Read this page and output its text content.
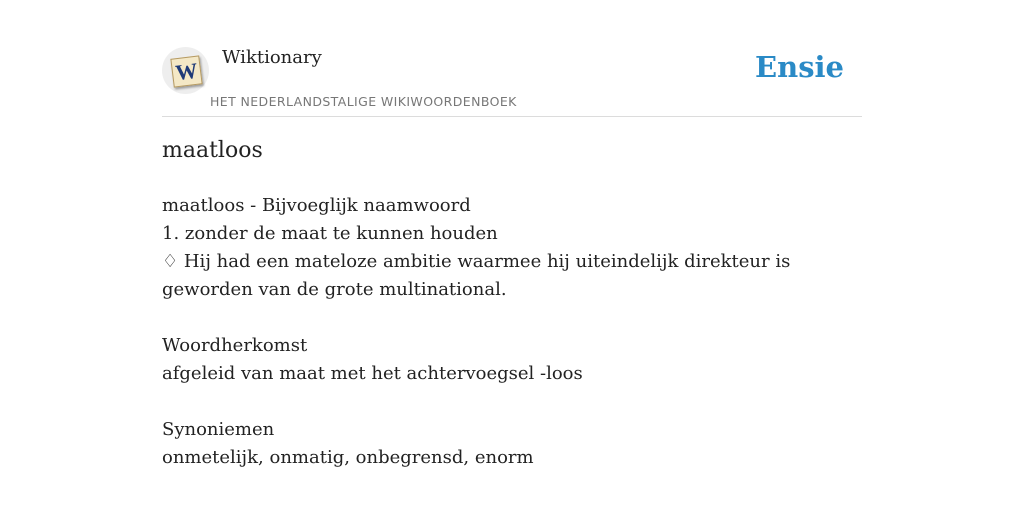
W Wiktionary
HET NEDERLANDSTALIGE WIKIWOORDENBOEK
Ensie
maatloos
maatloos - Bijvoeglijk naamwoord
1. zonder de maat te kunnen houden
♢ Hij had een mateloze ambitie waarmee hij uiteindelijk direkteur is geworden van de grote multinational.
Woordherkomst
afgeleid van maat met het achtervoegsel -loos
Synoniemen
onmetelijk, onmatig, onbegrensd, enorm
